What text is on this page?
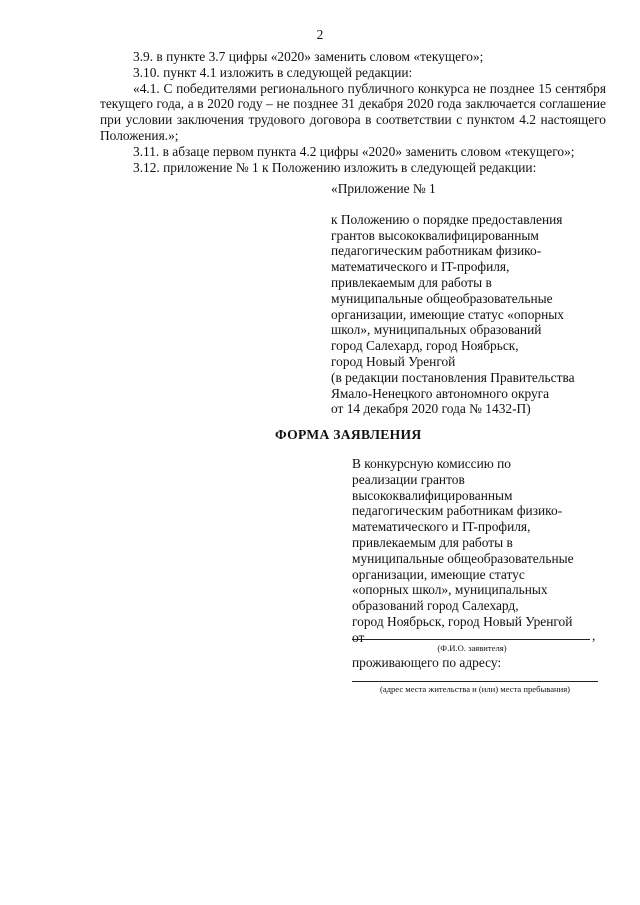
2

3.9. в пункте 3.7 цифры «2020» заменить словом «текущего»;

3.10. пункт 4.1 изложить в следующей редакции:

«4.1. С победителями регионального публичного конкурса не позднее 15 сентября текущего года, а в 2020 году – не позднее 31 декабря 2020 года заключается соглашение при условии заключения трудового договора в соответствии с пунктом 4.2 настоящего Положения.»;

3.11. в абзаце первом пункта 4.2 цифры «2020» заменить словом «текущего»;

3.12. приложение № 1 к Положению изложить в следующей редакции:

«Приложение № 1

к Положению о порядке предоставления

грантов высококвалифицированным

педагогическим работникам физико-

математического и IT-профиля,

привлекаемым для работы в

муниципальные общеобразовательные

организации, имеющие статус «опорных

школ», муниципальных образований

город Салехард, город Ноябрьск,

город Новый Уренгой

(в редакции постановления Правительства

Ямало-Ненецкого автономного округа

от 14 декабря 2020 года № 1432-П)

ФОРМА ЗАЯВЛЕНИЯ

В конкурсную комиссию по

реализации грантов

высококвалифицированным

педагогическим работникам физико-

математического и IT-профиля,

привлекаемым для работы в

муниципальные общеобразовательные

организации, имеющие статус

«опорных школ», муниципальных

образований город Салехард,

город Ноябрьск, город Новый Уренгой

от	,
(Ф.И.О. заявителя)
проживающего по адресу:
(адрес места жительства и (или) места пребывания)
